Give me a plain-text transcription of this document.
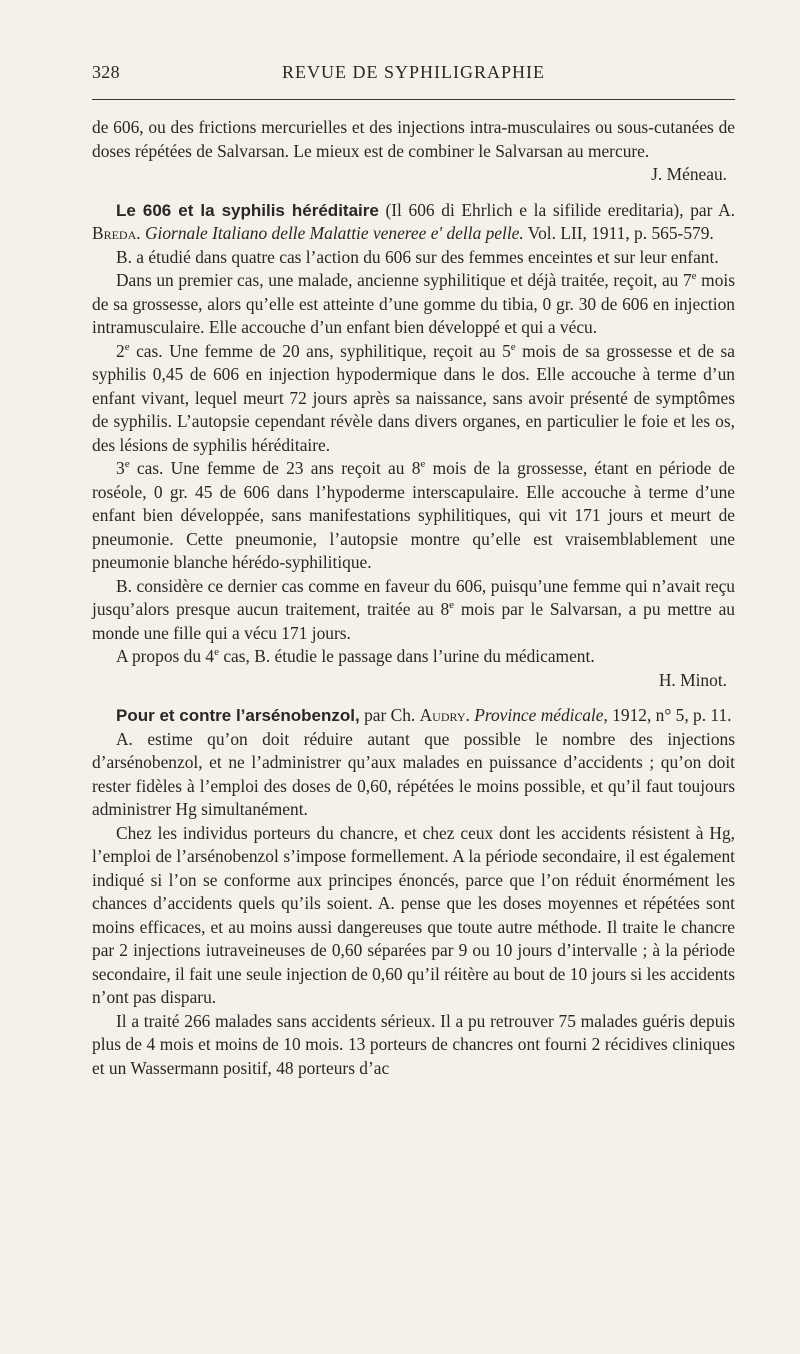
328	REVUE DE SYPHILIGRAPHIE

de 606, ou des frictions mercurielles et des injections intra-musculaires ou sous-cutanées de doses répétées de Salvarsan. Le mieux est de combiner le Salvarsan au mercure.

J. Méneau.

Le 606 et la syphilis héréditaire (Il 606 di Ehrlich e la sifilide ereditaria), par A. Breda. Giornale Italiano delle Malattie veneree e' della pelle. Vol. LII, 1911, p. 565-579.

B. a étudié dans quatre cas l’action du 606 sur des femmes enceintes et sur leur enfant.

Dans un premier cas, une malade, ancienne syphilitique et déjà traitée, reçoit, au 7e mois de sa grossesse, alors qu’elle est atteinte d’une gomme du tibia, 0 gr. 30 de 606 en injection intramusculaire. Elle accouche d’un enfant bien développé et qui a vécu.

2e cas. Une femme de 20 ans, syphilitique, reçoit au 5e mois de sa grossesse et de sa syphilis 0,45 de 606 en injection hypodermique dans le dos. Elle accouche à terme d’un enfant vivant, lequel meurt 72 jours après sa naissance, sans avoir présenté de symptômes de syphilis. L’autopsie cependant révèle dans divers organes, en particulier le foie et les os, des lésions de syphilis héréditaire.

3e cas. Une femme de 23 ans reçoit au 8e mois de la grossesse, étant en période de roséole, 0 gr. 45 de 606 dans l’hypoderme interscapulaire. Elle accouche à terme d’une enfant bien développée, sans manifestations syphilitiques, qui vit 171 jours et meurt de pneumonie. Cette pneumonie, l’autopsie montre qu’elle est vraisemblablement une pneumonie blanche hérédo-syphilitique.

B. considère ce dernier cas comme en faveur du 606, puisqu’une femme qui n’avait reçu jusqu’alors presque aucun traitement, traitée au 8e mois par le Salvarsan, a pu mettre au monde une fille qui a vécu 171 jours.

A propos du 4e cas, B. étudie le passage dans l’urine du médicament.

H. Minot.

Pour et contre l’arsénobenzol, par Ch. Audry. Province médicale, 1912, n° 5, p. 11.

A. estime qu’on doit réduire autant que possible le nombre des injections d’arsénobenzol, et ne l’administrer qu’aux malades en puissance d’accidents ; qu’on doit rester fidèles à l’emploi des doses de 0,60, répétées le moins possible, et qu’il faut toujours administrer Hg simultanément.

Chez les individus porteurs du chancre, et chez ceux dont les accidents résistent à Hg, l’emploi de l’arsénobenzol s’impose formellement. A la période secondaire, il est également indiqué si l’on se conforme aux principes énoncés, parce que l’on réduit énormément les chances d’accidents quels qu’ils soient. A. pense que les doses moyennes et répétées sont moins efficaces, et au moins aussi dangereuses que toute autre méthode. Il traite le chancre par 2 injections iutraveineuses de 0,60 séparées par 9 ou 10 jours d’intervalle ; à la période secondaire, il fait une seule injection de 0,60 qu’il réitère au bout de 10 jours si les accidents n’ont pas disparu.

Il a traité 266 malades sans accidents sérieux. Il a pu retrouver 75 malades guéris depuis plus de 4 mois et moins de 10 mois. 13 porteurs de chancres ont fourni 2 récidives cliniques et un Wassermann positif, 48 porteurs d’ac
